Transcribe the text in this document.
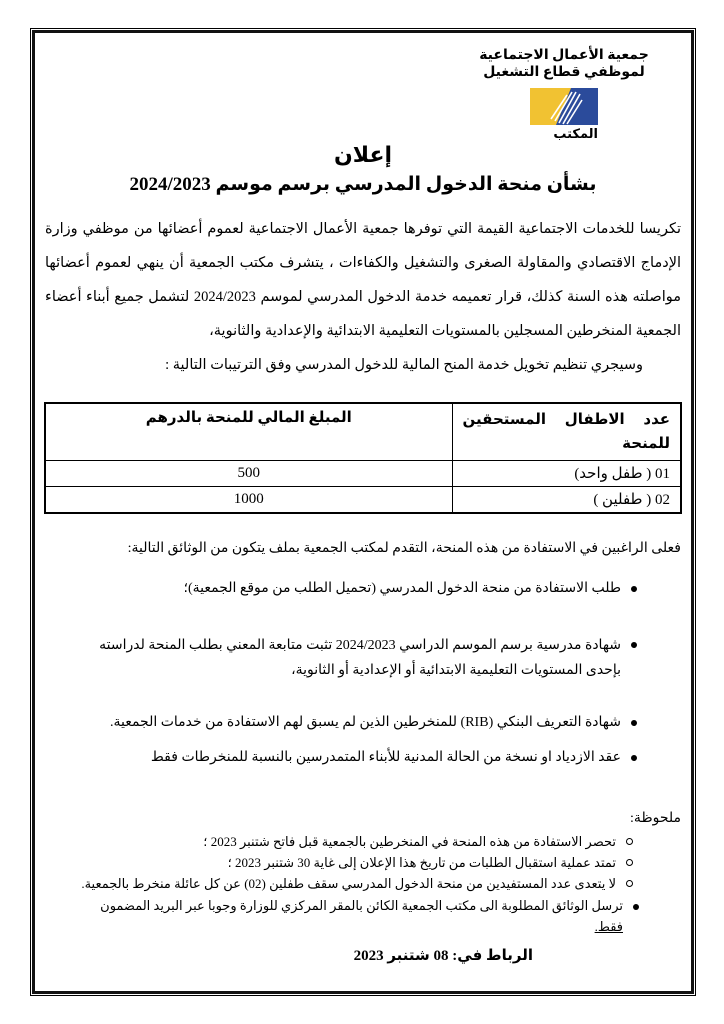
جمعية الأعمال الاجتماعية
لموظفي قطاع التشغيل
المكتب
إعلان
بشأن منحة الدخول المدرسي برسم موسم 2024/2023
تكريسا للخدمات الاجتماعية القيمة التي توفرها جمعية الأعمال الاجتماعية لعموم أعضائها من موظفي وزارة الإدماج الاقتصادي والمقاولة الصغرى والتشغيل والكفاءات ، يتشرف مكتب الجمعية أن ينهي لعموم أعضائها مواصلته هذه السنة كذلك، قرار تعميمه خدمة الدخول المدرسي لموسم 2024/2023 لتشمل جميع أبناء أعضاء الجمعية المنخرطين المسجلين بالمستويات التعليمية الابتدائية والإعدادية والثانوية،
وسيجري تنظيم تخويل خدمة المنح المالية للدخول المدرسي وفق الترتيبات التالية :
عدد الاطفال المستحقين
للمنحة	المبلغ المالي للمنحة بالدرهم
01 ( طفل واحد)	500
02 ( طفلين )	1000
فعلى الراغبين في الاستفادة من هذه المنحة، التقدم لمكتب الجمعية بملف يتكون من الوثائق التالية:
طلب الاستفادة من منحة الدخول المدرسي (تحميل الطلب من موقع الجمعية)؛
شهادة مدرسية برسم الموسم الدراسي 2024/2023 تثبت متابعة المعني بطلب المنحة لدراسته بإحدى المستويات التعليمية الابتدائية أو الإعدادية أو الثانوية،
شهادة التعريف البنكي (RIB) للمنخرطين الذين لم يسبق لهم الاستفادة من خدمات الجمعية.
عقد الازدياد او نسخة من الحالة المدنية للأبناء المتمدرسين بالنسبة للمنخرطات فقط
ملحوظة:
تحصر الاستفادة من هذه المنحة في المنخرطين بالجمعية قبل فاتح شتنبر 2023 ؛
تمتد عملية استقبال الطلبات من تاريخ هذا الإعلان إلى غاية 30 شتنبر 2023 ؛
لا يتعدى عدد المستفيدين من منحة الدخول المدرسي سقف طفلين (02) عن كل عائلة منخرط بالجمعية.
ترسل الوثائق المطلوبة الى مكتب الجمعية الكائن بالمقر المركزي للوزارة وجوبا عبر البريد المضمون فقط.
الرباط في: 08 شتنبر 2023
